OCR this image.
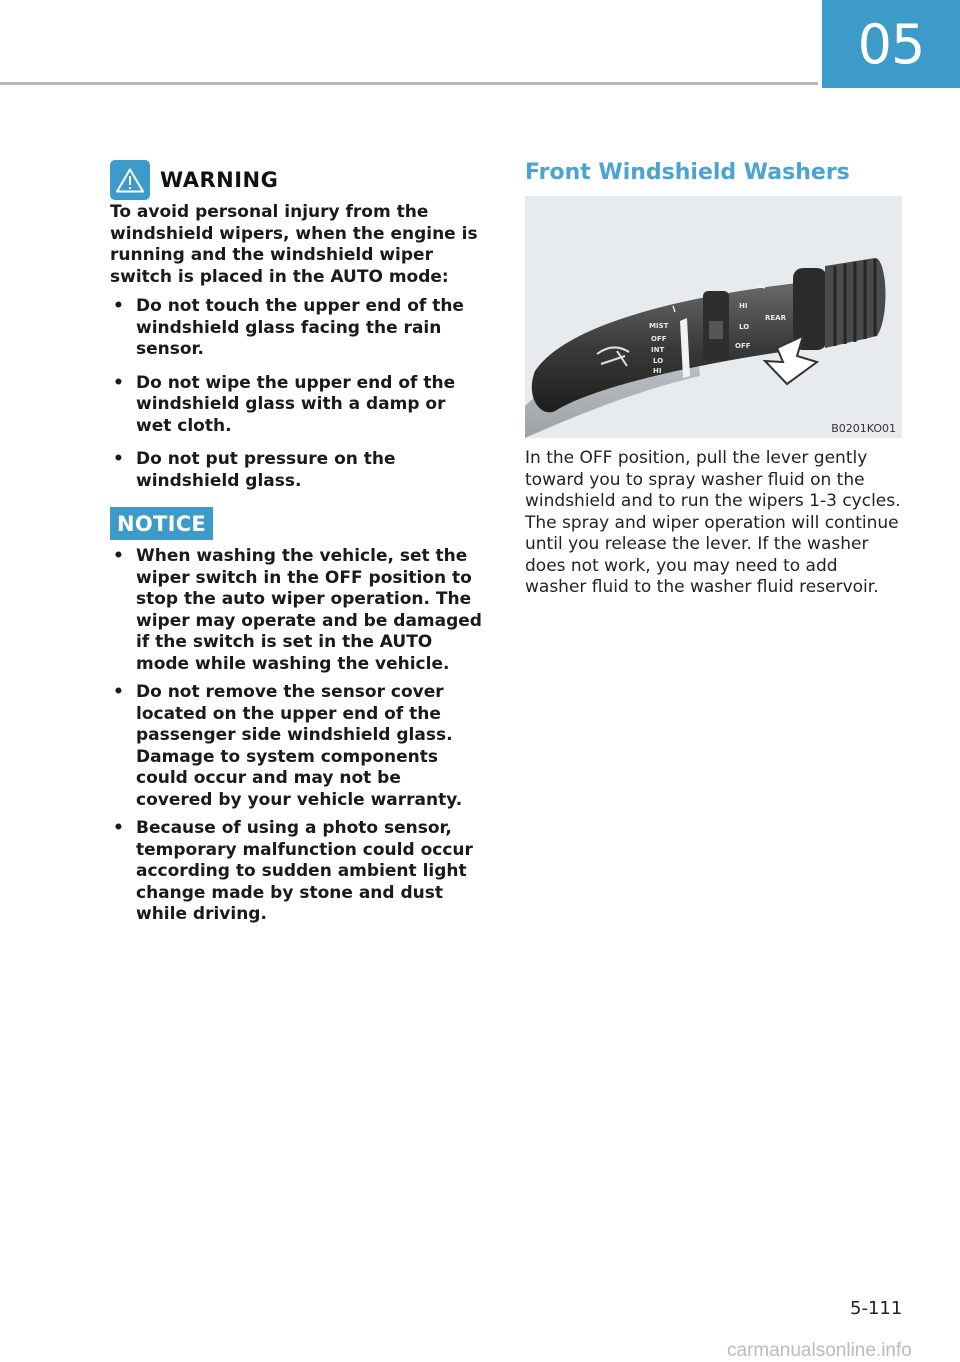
05
WARNING

To avoid personal injury from the windshield wipers, when the engine is running and the windshield wiper switch is placed in the AUTO mode:

• Do not touch the upper end of the windshield glass facing the rain sensor.
• Do not wipe the upper end of the windshield glass with a damp or wet cloth.
• Do not put pressure on the windshield glass.
NOTICE
• When washing the vehicle, set the wiper switch in the OFF position to stop the auto wiper operation. The wiper may operate and be damaged if the switch is set in the AUTO mode while washing the vehicle.
• Do not remove the sensor cover located on the upper end of the passenger side windshield glass. Damage to system components could occur and may not be covered by your vehicle warranty.
• Because of using a photo sensor, temporary malfunction could occur according to sudden ambient light change made by stone and dust while driving.
Front Windshield Washers
MIST
OFF
INT
LO
HI
HI
LO
OFF
REAR
B0201KO01

In the OFF position, pull the lever gently toward you to spray washer fluid on the windshield and to run the wipers 1-3 cycles. The spray and wiper operation will continue until you release the lever. If the washer does not work, you may need to add washer fluid to the washer fluid reservoir.

5-111
carmanualsonline.info
